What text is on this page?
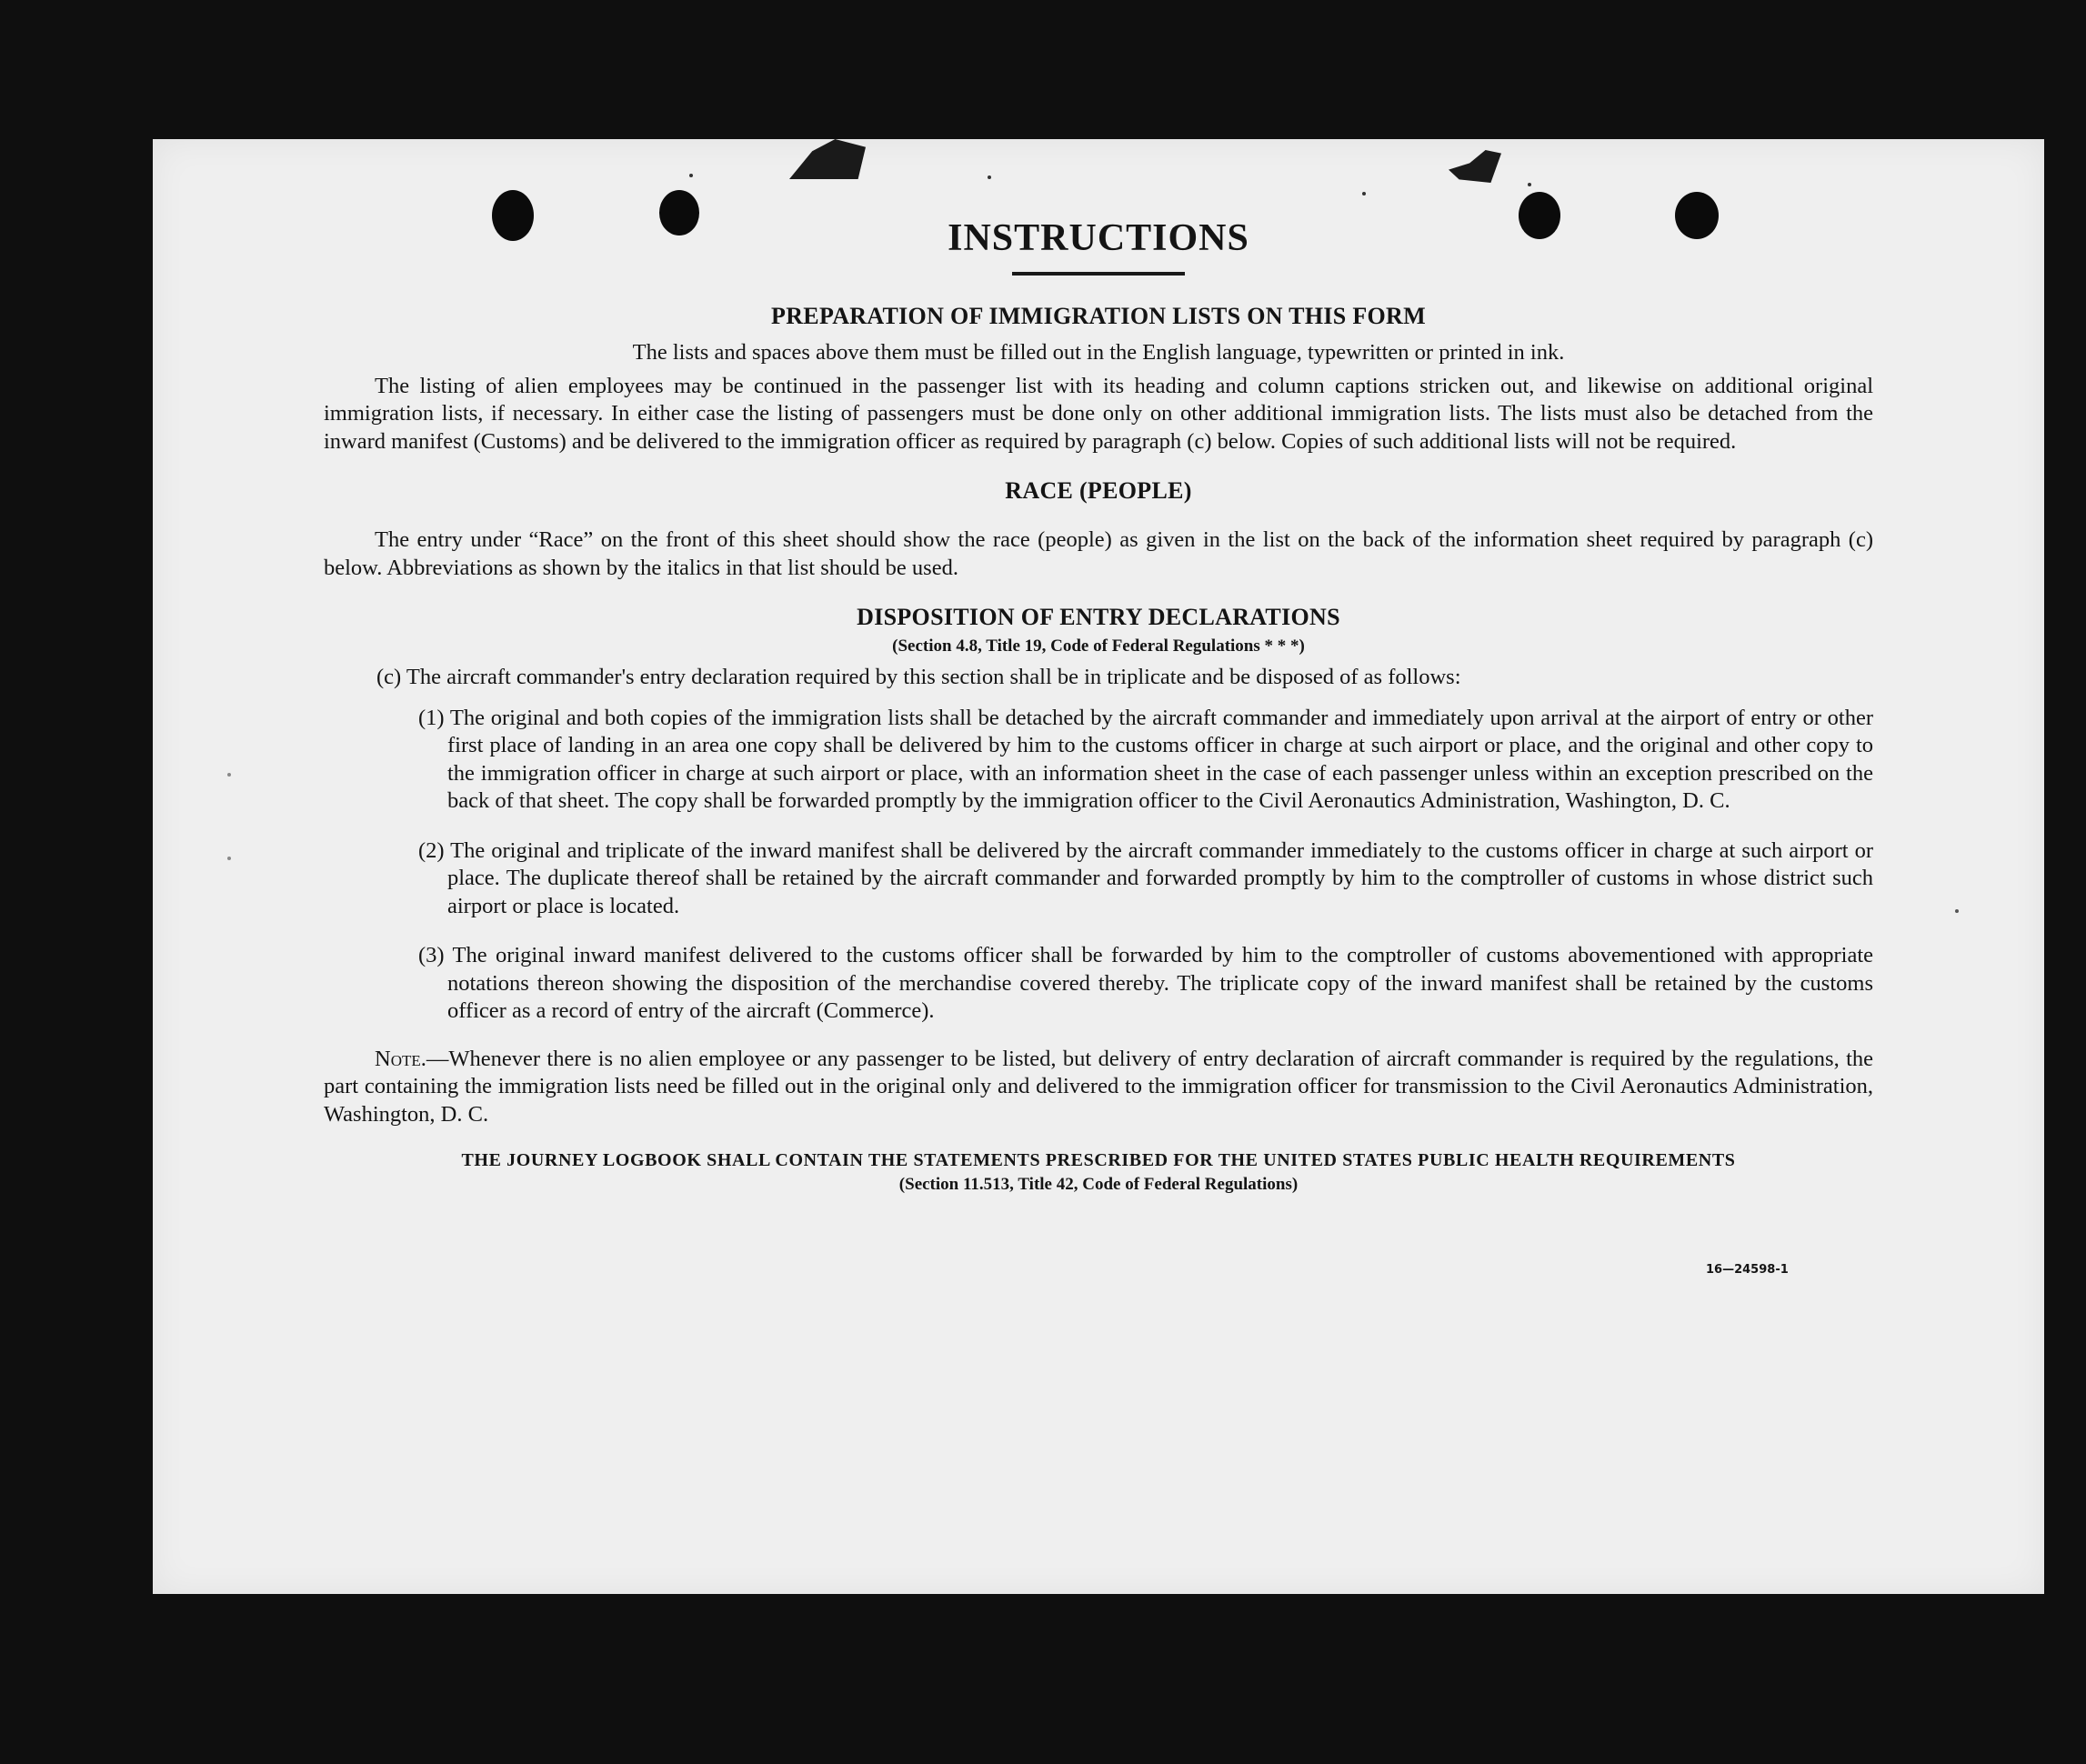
INSTRUCTIONS
PREPARATION OF IMMIGRATION LISTS ON THIS FORM

The lists and spaces above them must be filled out in the English language, typewritten or printed in ink.

The listing of alien employees may be continued in the passenger list with its heading and column captions stricken out, and likewise on additional original immigration lists, if necessary. In either case the listing of passengers must be done only on other additional immigration lists. The lists must also be detached from the inward manifest (Customs) and be delivered to the immigration officer as required by paragraph (c) below. Copies of such additional lists will not be required.

RACE (PEOPLE)

The entry under “Race” on the front of this sheet should show the race (people) as given in the list on the back of the information sheet required by paragraph (c) below. Abbreviations as shown by the italics in that list should be used.

DISPOSITION OF ENTRY DECLARATIONS
(Section 4.8, Title 19, Code of Federal Regulations * * *)

(c) The aircraft commander's entry declaration required by this section shall be in triplicate and be disposed of as follows:

(1) The original and both copies of the immigration lists shall be detached by the aircraft commander and immediately upon arrival at the airport of entry or other first place of landing in an area one copy shall be delivered by him to the customs officer in charge at such airport or place, and the original and other copy to the immigration officer in charge at such airport or place, with an information sheet in the case of each passenger unless within an exception prescribed on the back of that sheet. The copy shall be forwarded promptly by the immigration officer to the Civil Aeronautics Administration, Washington, D. C.
(2) The original and triplicate of the inward manifest shall be delivered by the aircraft commander immediately to the customs officer in charge at such airport or place. The duplicate thereof shall be retained by the aircraft commander and forwarded promptly by him to the comptroller of customs in whose district such airport or place is located.
(3) The original inward manifest delivered to the customs officer shall be forwarded by him to the comptroller of customs abovementioned with appropriate notations thereon showing the disposition of the merchandise covered thereby. The triplicate copy of the inward manifest shall be retained by the customs officer as a record of entry of the aircraft (Commerce).

Note.—Whenever there is no alien employee or any passenger to be listed, but delivery of entry declaration of aircraft commander is required by the regulations, the part containing the immigration lists need be filled out in the original only and delivered to the immigration officer for transmission to the Civil Aeronautics Administration, Washington, D. C.

THE JOURNEY LOGBOOK SHALL CONTAIN THE STATEMENTS PRESCRIBED FOR THE UNITED STATES PUBLIC HEALTH REQUIREMENTS
(Section 11.513, Title 42, Code of Federal Regulations)
16—24598-1
